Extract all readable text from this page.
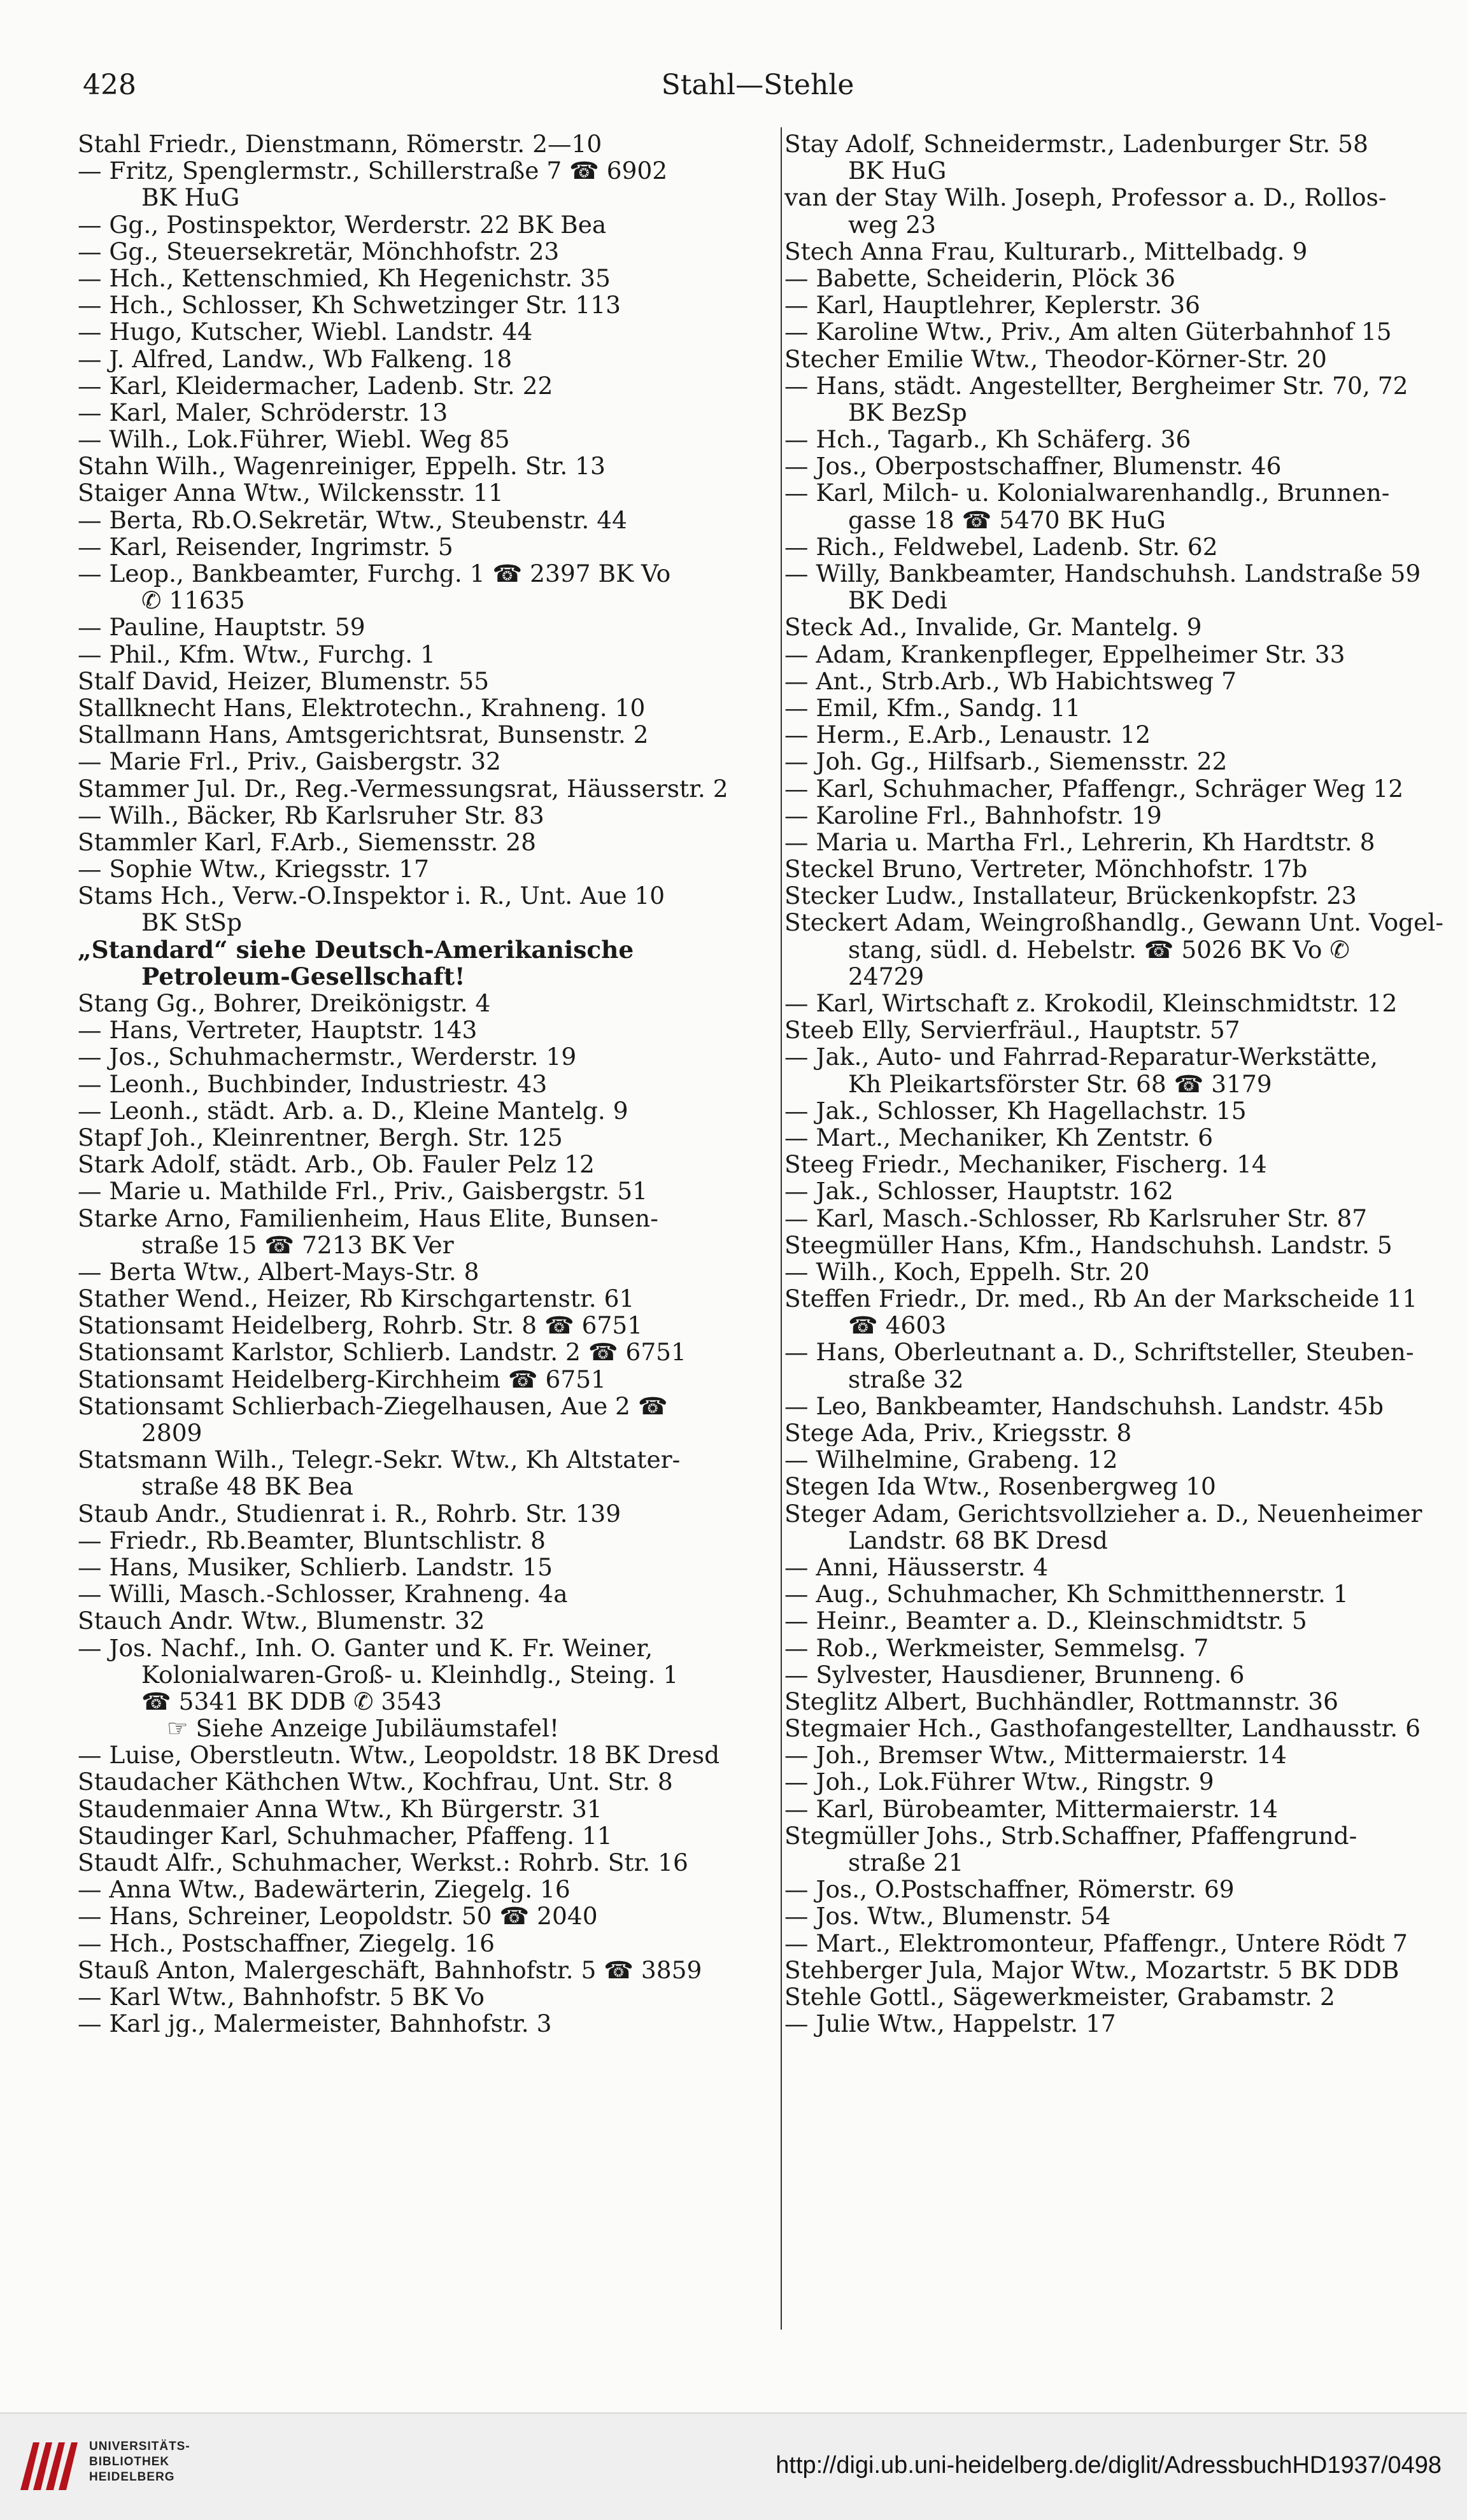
428	Stahl—Stehle
Stahl Friedr., Dienstmann, Römerstr. 2—10
— Fritz, Spenglermstr., Schillerstraße 7 ☎ 6902
BK HuG
— Gg., Postinspektor, Werderstr. 22 BK Bea
— Gg., Steuersekretär, Mönchhofstr. 23
— Hch., Kettenschmied, Kh Hegenichstr. 35
— Hch., Schlosser, Kh Schwetzinger Str. 113
— Hugo, Kutscher, Wiebl. Landstr. 44
— J. Alfred, Landw., Wb Falkeng. 18
— Karl, Kleidermacher, Ladenb. Str. 22
— Karl, Maler, Schröderstr. 13
— Wilh., Lok.Führer, Wiebl. Weg 85
Stahn Wilh., Wagenreiniger, Eppelh. Str. 13
Staiger Anna Wtw., Wilckensstr. 11
— Berta, Rb.O.Sekretär, Wtw., Steubenstr. 44
— Karl, Reisender, Ingrimstr. 5
— Leop., Bankbeamter, Furchg. 1 ☎ 2397 BK Vo
✆ 11635
— Pauline, Hauptstr. 59
— Phil., Kfm. Wtw., Furchg. 1
Stalf David, Heizer, Blumenstr. 55
Stallknecht Hans, Elektrotechn., Krahneng. 10
Stallmann Hans, Amtsgerichtsrat, Bunsenstr. 2
— Marie Frl., Priv., Gaisbergstr. 32
Stammer Jul. Dr., Reg.-Vermessungsrat, Häusserstr. 2
— Wilh., Bäcker, Rb Karlsruher Str. 83
Stammler Karl, F.Arb., Siemensstr. 28
— Sophie Wtw., Kriegsstr. 17
Stams Hch., Verw.-O.Inspektor i. R., Unt. Aue 10
BK StSp
„Standard“ siehe Deutsch-Amerikanische
Petroleum-Gesellschaft!
Stang Gg., Bohrer, Dreikönigstr. 4
— Hans, Vertreter, Hauptstr. 143
— Jos., Schuhmachermstr., Werderstr. 19
— Leonh., Buchbinder, Industriestr. 43
— Leonh., städt. Arb. a. D., Kleine Mantelg. 9
Stapf Joh., Kleinrentner, Bergh. Str. 125
Stark Adolf, städt. Arb., Ob. Fauler Pelz 12
— Marie u. Mathilde Frl., Priv., Gaisbergstr. 51
Starke Arno, Familienheim, Haus Elite, Bunsen-
straße 15 ☎ 7213 BK Ver
— Berta Wtw., Albert-Mays-Str. 8
Stather Wend., Heizer, Rb Kirschgartenstr. 61
Stationsamt Heidelberg, Rohrb. Str. 8 ☎ 6751
Stationsamt Karlstor, Schlierb. Landstr. 2 ☎ 6751
Stationsamt Heidelberg-Kirchheim ☎ 6751
Stationsamt Schlierbach-Ziegelhausen, Aue 2 ☎
2809
Statsmann Wilh., Telegr.-Sekr. Wtw., Kh Altstater-
straße 48 BK Bea
Staub Andr., Studienrat i. R., Rohrb. Str. 139
— Friedr., Rb.Beamter, Bluntschlistr. 8
— Hans, Musiker, Schlierb. Landstr. 15
— Willi, Masch.-Schlosser, Krahneng. 4a
Stauch Andr. Wtw., Blumenstr. 32
— Jos. Nachf., Inh. O. Ganter und K. Fr. Weiner,
Kolonialwaren-Groß- u. Kleinhdlg., Steing. 1
☎ 5341 BK DDB ✆ 3543
☞ Siehe Anzeige Jubiläumstafel!
— Luise, Oberstleutn. Wtw., Leopoldstr. 18 BK Dresd
Staudacher Käthchen Wtw., Kochfrau, Unt. Str. 8
Staudenmaier Anna Wtw., Kh Bürgerstr. 31
Staudinger Karl, Schuhmacher, Pfaffeng. 11
Staudt Alfr., Schuhmacher, Werkst.: Rohrb. Str. 16
— Anna Wtw., Badewärterin, Ziegelg. 16
— Hans, Schreiner, Leopoldstr. 50 ☎ 2040
— Hch., Postschaffner, Ziegelg. 16
Stauß Anton, Malergeschäft, Bahnhofstr. 5 ☎ 3859
— Karl Wtw., Bahnhofstr. 5 BK Vo
— Karl jg., Malermeister, Bahnhofstr. 3
Stay Adolf, Schneidermstr., Ladenburger Str. 58
BK HuG
van der Stay Wilh. Joseph, Professor a. D., Rollos-
weg 23
Stech Anna Frau, Kulturarb., Mittelbadg. 9
— Babette, Scheiderin, Plöck 36
— Karl, Hauptlehrer, Keplerstr. 36
— Karoline Wtw., Priv., Am alten Güterbahnhof 15
Stecher Emilie Wtw., Theodor-Körner-Str. 20
— Hans, städt. Angestellter, Bergheimer Str. 70, 72
BK BezSp
— Hch., Tagarb., Kh Schäferg. 36
— Jos., Oberpostschaffner, Blumenstr. 46
— Karl, Milch- u. Kolonialwarenhandlg., Brunnen-
gasse 18 ☎ 5470 BK HuG
— Rich., Feldwebel, Ladenb. Str. 62
— Willy, Bankbeamter, Handschuhsh. Landstraße 59
BK Dedi
Steck Ad., Invalide, Gr. Mantelg. 9
— Adam, Krankenpfleger, Eppelheimer Str. 33
— Ant., Strb.Arb., Wb Habichtsweg 7
— Emil, Kfm., Sandg. 11
— Herm., E.Arb., Lenaustr. 12
— Joh. Gg., Hilfsarb., Siemensstr. 22
— Karl, Schuhmacher, Pfaffengr., Schräger Weg 12
— Karoline Frl., Bahnhofstr. 19
— Maria u. Martha Frl., Lehrerin, Kh Hardtstr. 8
Steckel Bruno, Vertreter, Mönchhofstr. 17b
Stecker Ludw., Installateur, Brückenkopfstr. 23
Steckert Adam, Weingroßhandlg., Gewann Unt. Vogel-
stang, südl. d. Hebelstr. ☎ 5026 BK Vo ✆
24729
— Karl, Wirtschaft z. Krokodil, Kleinschmidtstr. 12
Steeb Elly, Servierfräul., Hauptstr. 57
— Jak., Auto- und Fahrrad-Reparatur-Werkstätte,
Kh Pleikartsförster Str. 68 ☎ 3179
— Jak., Schlosser, Kh Hagellachstr. 15
— Mart., Mechaniker, Kh Zentstr. 6
Steeg Friedr., Mechaniker, Fischerg. 14
— Jak., Schlosser, Hauptstr. 162
— Karl, Masch.-Schlosser, Rb Karlsruher Str. 87
Steegmüller Hans, Kfm., Handschuhsh. Landstr. 5
— Wilh., Koch, Eppelh. Str. 20
Steffen Friedr., Dr. med., Rb An der Markscheide 11
☎ 4603
— Hans, Oberleutnant a. D., Schriftsteller, Steuben-
straße 32
— Leo, Bankbeamter, Handschuhsh. Landstr. 45b
Stege Ada, Priv., Kriegsstr. 8
— Wilhelmine, Grabeng. 12
Stegen Ida Wtw., Rosenbergweg 10
Steger Adam, Gerichtsvollzieher a. D., Neuenheimer
Landstr. 68 BK Dresd
— Anni, Häusserstr. 4
— Aug., Schuhmacher, Kh Schmitthennerstr. 1
— Heinr., Beamter a. D., Kleinschmidtstr. 5
— Rob., Werkmeister, Semmelsg. 7
— Sylvester, Hausdiener, Brunneng. 6
Steglitz Albert, Buchhändler, Rottmannstr. 36
Stegmaier Hch., Gasthofangestellter, Landhausstr. 6
— Joh., Bremser Wtw., Mittermaierstr. 14
— Joh., Lok.Führer Wtw., Ringstr. 9
— Karl, Bürobeamter, Mittermaierstr. 14
Stegmüller Johs., Strb.Schaffner, Pfaffengrund-
straße 21
— Jos., O.Postschaffner, Römerstr. 69
— Jos. Wtw., Blumenstr. 54
— Mart., Elektromonteur, Pfaffengr., Untere Rödt 7
Stehberger Jula, Major Wtw., Mozartstr. 5 BK DDB
Stehle Gottl., Sägewerkmeister, Grabamstr. 2
— Julie Wtw., Happelstr. 17
UNIVERSITÄTS-
BIBLIOTHEK
HEIDELBERG	http://digi.ub.uni-heidelberg.de/diglit/AdressbuchHD1937/0498
